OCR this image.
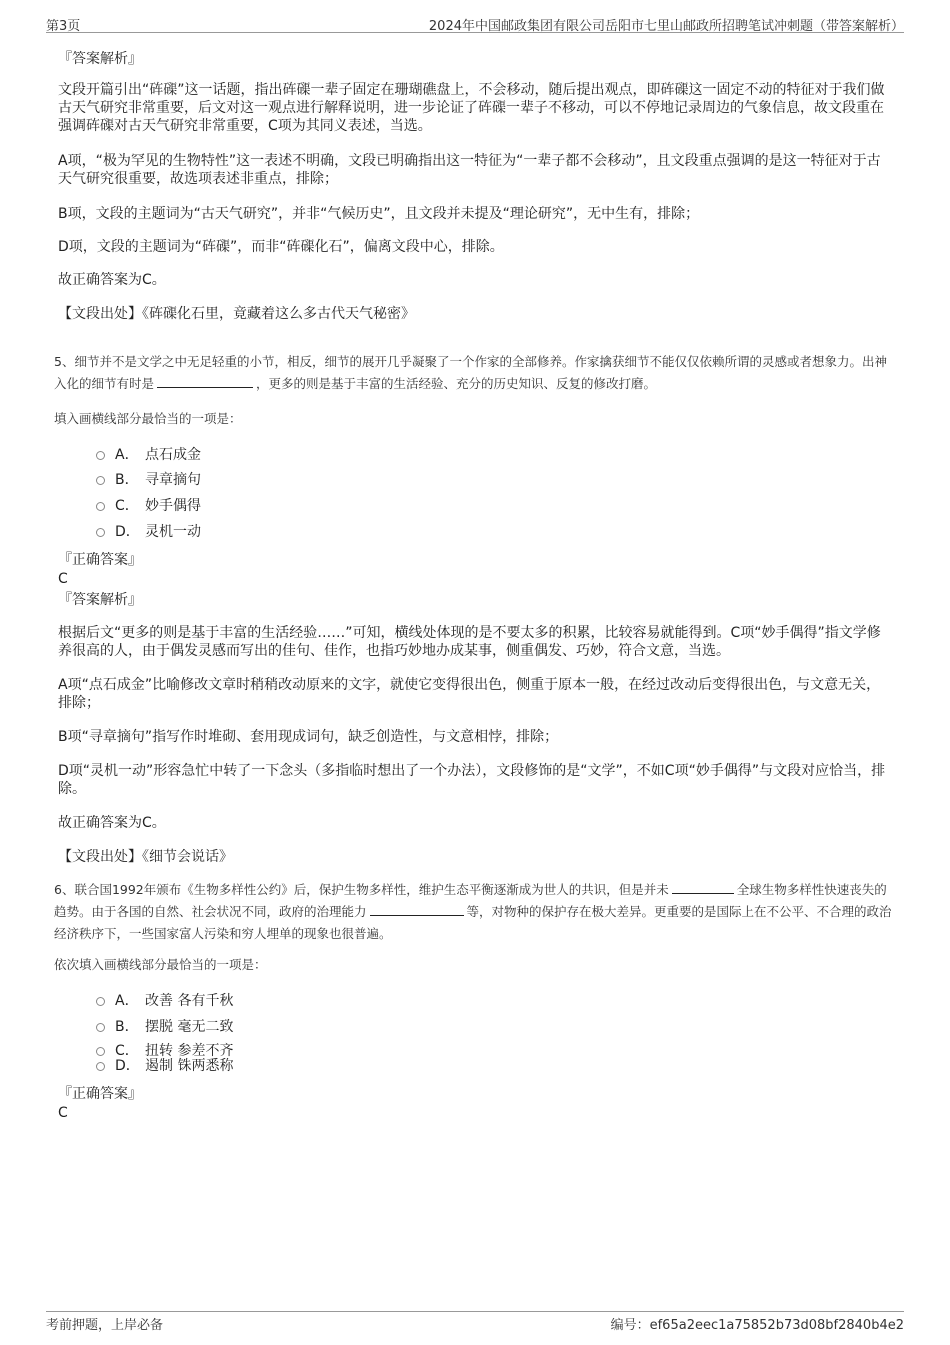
第3页	2024年中国邮政集团有限公司岳阳市七里山邮政所招聘笔试冲刺题（带答案解析）
『答案解析』
文段开篇引出“砗磲”这一话题，指出砗磲一辈子固定在珊瑚礁盘上，不会移动，随后提出观点，即砗磲这一固定不动的特征对于我们做古天气研究非常重要，后文对这一观点进行解释说明，进一步论证了砗磲一辈子不移动，可以不停地记录周边的气象信息，故文段重在强调砗磲对古天气研究非常重要，C项为其同义表述，当选。
A项，“极为罕见的生物特性”这一表述不明确，文段已明确指出这一特征为“一辈子都不会移动”，且文段重点强调的是这一特征对于古天气研究很重要，故选项表述非重点，排除；
B项，文段的主题词为“古天气研究”，并非“气候历史”，且文段并未提及“理论研究”，无中生有，排除；
D项，文段的主题词为“砗磲”，而非“砗磲化石”，偏离文段中心，排除。
故正确答案为C。
【文段出处】《砗磲化石里，竟藏着这么多古代天气秘密》
5、细节并不是文学之中无足轻重的小节，相反，细节的展开几乎凝聚了一个作家的全部修养。作家擒获细节不能仅仅依赖所谓的灵感或者想象力。出神入化的细节有时是	，更多的则是基于丰富的生活经验、充分的历史知识、反复的修改打磨。
填入画横线部分最恰当的一项是：
A． 点石成金
B． 寻章摘句
C． 妙手偶得
D． 灵机一动
『正确答案』
C
『答案解析』
根据后文“更多的则是基于丰富的生活经验……”可知，横线处体现的是不要太多的积累，比较容易就能得到。C项“妙手偶得”指文学修养很高的人，由于偶发灵感而写出的佳句、佳作，也指巧妙地办成某事，侧重偶发、巧妙，符合文意，当选。
A项“点石成金”比喻修改文章时稍稍改动原来的文字，就使它变得很出色，侧重于原本一般，在经过改动后变得很出色，与文意无关，排除；
B项“寻章摘句”指写作时堆砌、套用现成词句，缺乏创造性，与文意相悖，排除；
D项“灵机一动”形容急忙中转了一下念头（多指临时想出了一个办法），文段修饰的是“文学”，不如C项“妙手偶得”与文段对应恰当，排除。
故正确答案为C。
【文段出处】《细节会说话》
6、联合国1992年颁布《生物多样性公约》后，保护生物多样性，维护生态平衡逐渐成为世人的共识，但是并未	全球生物多样性快速丧失的趋势。由于各国的自然、社会状况不同，政府的治理能力	等，对物种的保护存在极大差异。更重要的是国际上在不公平、不合理的政治经济秩序下，一些国家富人污染和穷人埋单的现象也很普遍。
依次填入画横线部分最恰当的一项是：
A． 改善 各有千秋
B． 摆脱 毫无二致
C． 扭转 参差不齐
D． 遏制 铢两悉称
『正确答案』
C
考前押题，上岸必备	编号：ef65a2eec1a75852b73d08bf2840b4e2
